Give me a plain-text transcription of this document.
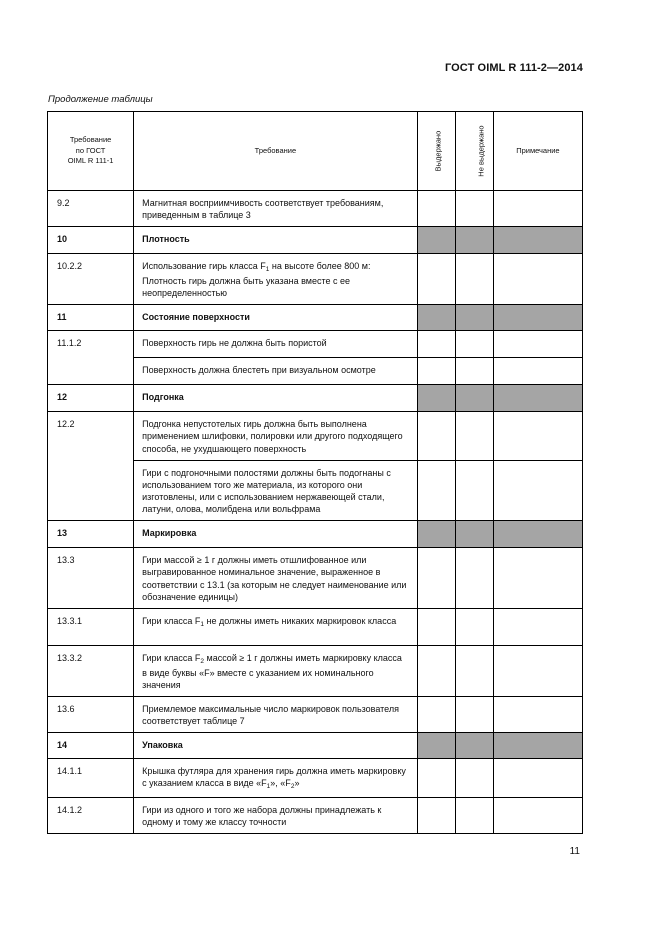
ГОСТ OIML R 111-2—2014
Продолжение таблицы
Требование
по ГОСТ
OIML R 111-1	Требование	Выдержано	Не выдержано	Примечание

9.2	Магнитная восприимчивость соответствует требованиям, приведенным в таблице 3			

10	Плотность			

10.2.2	Использование гирь класса $F_1$ на высоте более 800 м: Плотность гирь должна быть указана вместе с ее неопределенностью			

11	Состояние поверхности			

11.1.2	Поверхность гирь не должна быть пористой			

	Поверхность должна блестеть при визуальном осмотре			

12	Подгонка			

12.2	Подгонка непустотелых гирь должна быть выполнена применением шлифовки, полировки или другого подходящего способа, не ухудшающего поверхность			

	Гири с подгоночными полостями должны быть подогнаны с использованием того же материала, из которого они изготовлены, или с использованием нержавеющей стали, латуни, олова, молибдена или вольфрама			

13	Маркировка			

13.3	Гири массой ≥ 1 г должны иметь отшлифованное или выгравированное номинальное значение, выраженное в соответствии с 13.1 (за которым не следует наименование или обозначение единицы)			

13.3.1	Гири класса $F_1$ не должны иметь никаких маркировок класса			

13.3.2	Гири класса $F_2$ массой ≥ 1 г должны иметь маркировку класса в виде буквы «F» вместе с указанием их номинального значения			

13.6	Приемлемое максимальные число маркировок пользователя соответствует таблице 7			

14	Упаковка			

14.1.1	Крышка футляра для хранения гирь должна иметь маркировку с указанием класса в виде «$F_1$», «$F_2$»			

14.1.2	Гири из одного и того же набора должны принадлежать к одному и тому же классу точности			

11
